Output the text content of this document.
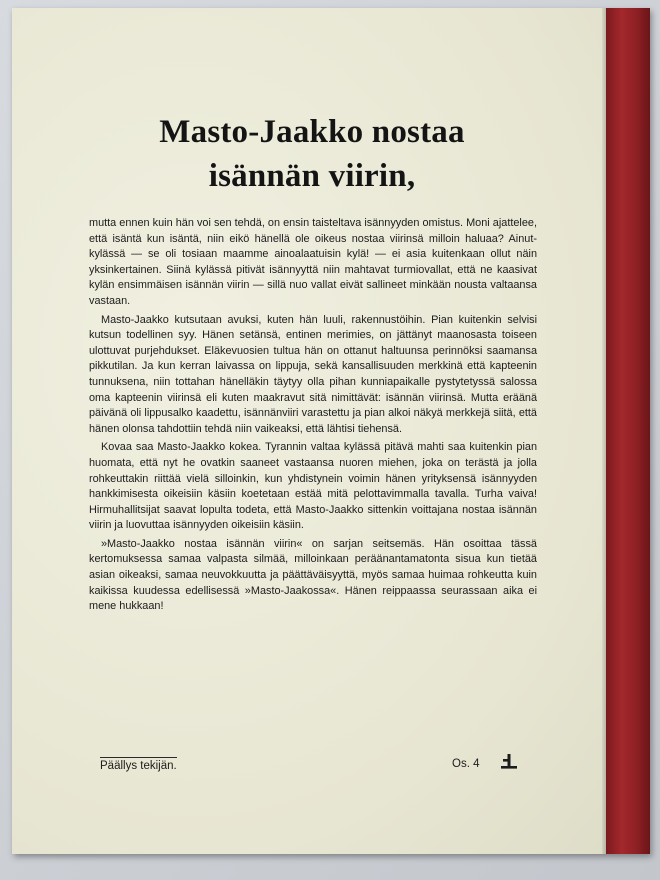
Masto-Jaakko nostaa
isännän viirin,

mutta ennen kuin hän voi sen tehdä, on ensin taisteltava isännyyden omistus. Moni ajattelee, että isäntä kun isäntä, niin eikö hänellä ole oikeus nostaa viirinsä milloin haluaa? Ainut-kylässä — se oli tosiaan maamme ainoalaatuisin kylä! — ei asia kuitenkaan ollut näin yksinkertainen. Siinä kylässä pitivät isännyyttä niin mahtavat turmiovallat, että ne kaasivat kylän ensimmäisen isännän viirin — sillä nuo vallat eivät sallineet minkään nousta valtaansa vastaan.

Masto-Jaakko kutsutaan avuksi, kuten hän luuli, rakennustöihin. Pian kuitenkin selvisi kutsun todellinen syy. Hänen setänsä, entinen merimies, on jättänyt maanosasta toiseen ulottuvat purjehdukset. Eläkevuosien tultua hän on ottanut haltuunsa perinnöksi saamansa pikkutilan. Ja kun kerran laivassa on lippuja, sekä kansallisuuden merkkinä että kapteenin tunnuksena, niin tottahan hänelläkin täytyy olla pihan kunniapaikalle pystytetyssä salossa oma kapteenin viirinsä eli kuten maakravut sitä nimittävät: isännän viirinsä. Mutta eräänä päivänä oli lippusalko kaadettu, isännänviiri varastettu ja pian alkoi näkyä merkkejä siitä, että hänen olonsa tahdottiin tehdä niin vaikeaksi, että lähtisi tiehensä.

Kovaa saa Masto-Jaakko kokea. Tyrannin valtaa kylässä pitävä mahti saa kuitenkin pian huomata, että nyt he ovatkin saaneet vastaansa nuoren miehen, joka on terästä ja jolla rohkeuttakin riittää vielä silloinkin, kun yhdistynein voimin hänen yrityksensä isännyyden hankkimisesta oikeisiin käsiin koetetaan estää mitä pelottavimmalla tavalla. Turha vaiva! Hirmuhallitsijat saavat lopulta todeta, että Masto-Jaakko sittenkin voittajana nostaa isännän viirin ja luovuttaa isännyyden oikeisiin käsiin.

»Masto-Jaakko nostaa isännän viirin« on sarjan seitsemäs. Hän osoittaa tässä kertomuksessa samaa valpasta silmää, milloinkaan peräänantamatonta sisua kun tietää asian oikeaksi, samaa neuvokkuutta ja päättäväisyyttä, myös samaa huimaa rohkeutta kuin kaikissa kuudessa edellisessä »Masto-Jaakossa«. Hänen reippaassa seurassaan aika ei mene hukkaan!

Päällys tekijän.	Os. 4
